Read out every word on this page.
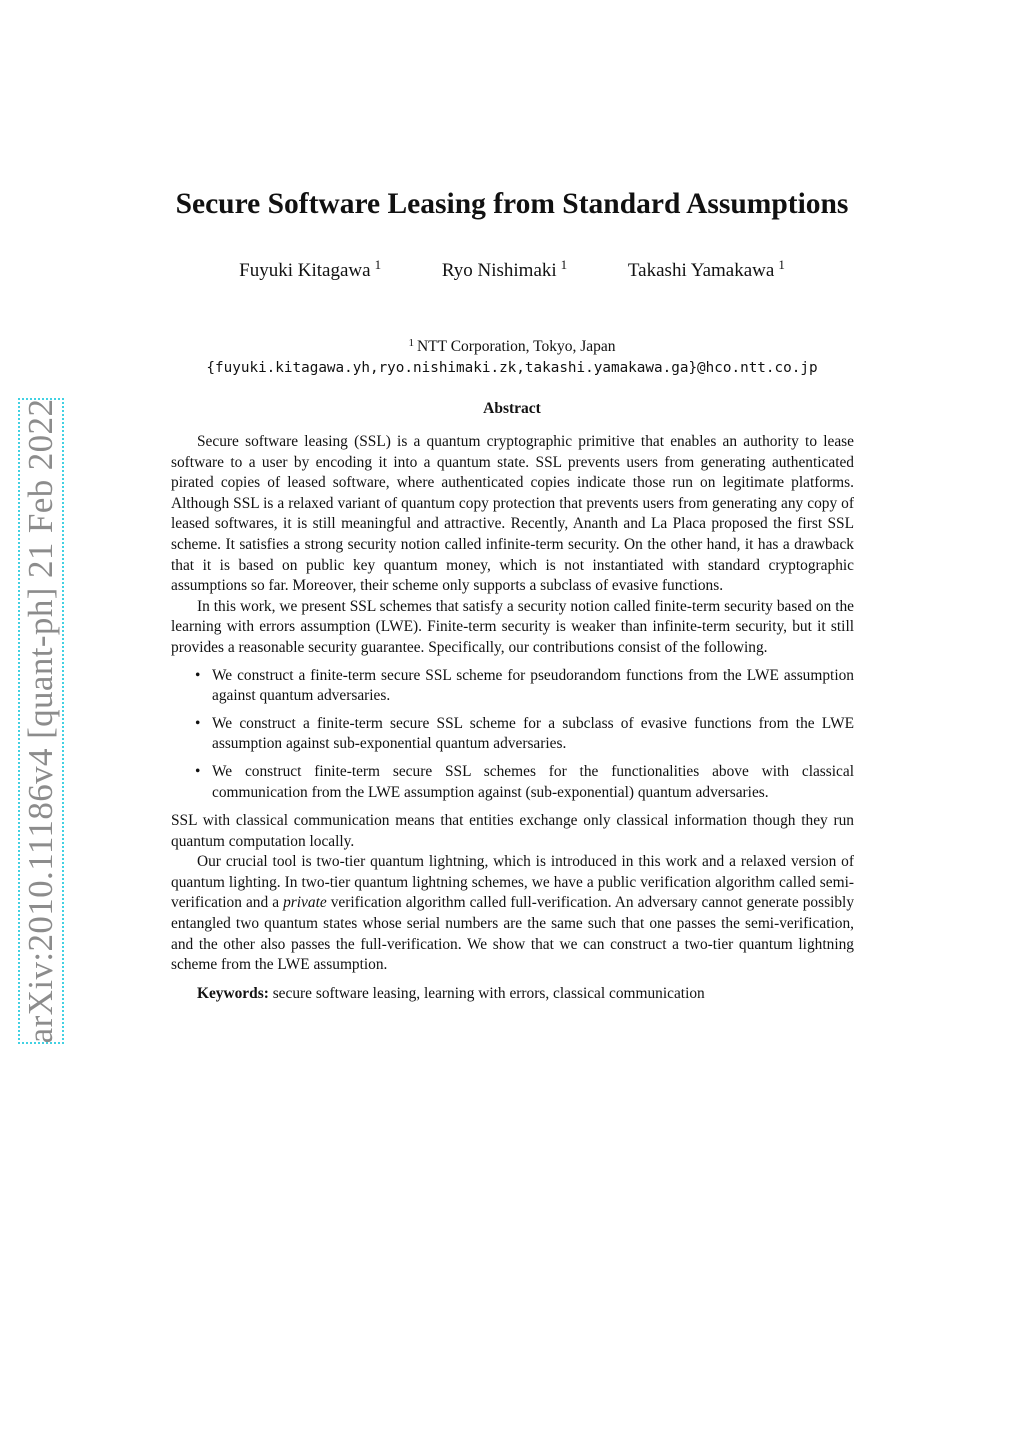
arXiv:2010.11186v4 [quant-ph] 21 Feb 2022
Secure Software Leasing from Standard Assumptions
Fuyuki Kitagawa $^1$	Ryo Nishimaki $^1$	Takashi Yamakawa $^1$
$^1$ NTT Corporation, Tokyo, Japan
{fuyuki.kitagawa.yh,ryo.nishimaki.zk,takashi.yamakawa.ga}@hco.ntt.co.jp
Abstract

Secure software leasing (SSL) is a quantum cryptographic primitive that enables an authority to lease software to a user by encoding it into a quantum state. SSL prevents users from generating authenticated pirated copies of leased software, where authenticated copies indicate those run on legitimate platforms. Although SSL is a relaxed variant of quantum copy protection that prevents users from generating any copy of leased softwares, it is still meaningful and attractive. Recently, Ananth and La Placa proposed the first SSL scheme. It satisfies a strong security notion called infinite-term security. On the other hand, it has a drawback that it is based on public key quantum money, which is not instantiated with standard cryptographic assumptions so far. Moreover, their scheme only supports a subclass of evasive functions.

In this work, we present SSL schemes that satisfy a security notion called finite-term security based on the learning with errors assumption (LWE). Finite-term security is weaker than infinite-term security, but it still provides a reasonable security guarantee. Specifically, our contributions consist of the following.

• We construct a finite-term secure SSL scheme for pseudorandom functions from the LWE assumption against quantum adversaries.
• We construct a finite-term secure SSL scheme for a subclass of evasive functions from the LWE assumption against sub-exponential quantum adversaries.
• We construct finite-term secure SSL schemes for the functionalities above with classical communication from the LWE assumption against (sub-exponential) quantum adversaries.

SSL with classical communication means that entities exchange only classical information though they run quantum computation locally.

Our crucial tool is two-tier quantum lightning, which is introduced in this work and a relaxed version of quantum lighting. In two-tier quantum lightning schemes, we have a public verification algorithm called semi-verification and a private verification algorithm called full-verification. An adversary cannot generate possibly entangled two quantum states whose serial numbers are the same such that one passes the semi-verification, and the other also passes the full-verification. We show that we can construct a two-tier quantum lightning scheme from the LWE assumption.

Keywords: secure software leasing, learning with errors, classical communication
